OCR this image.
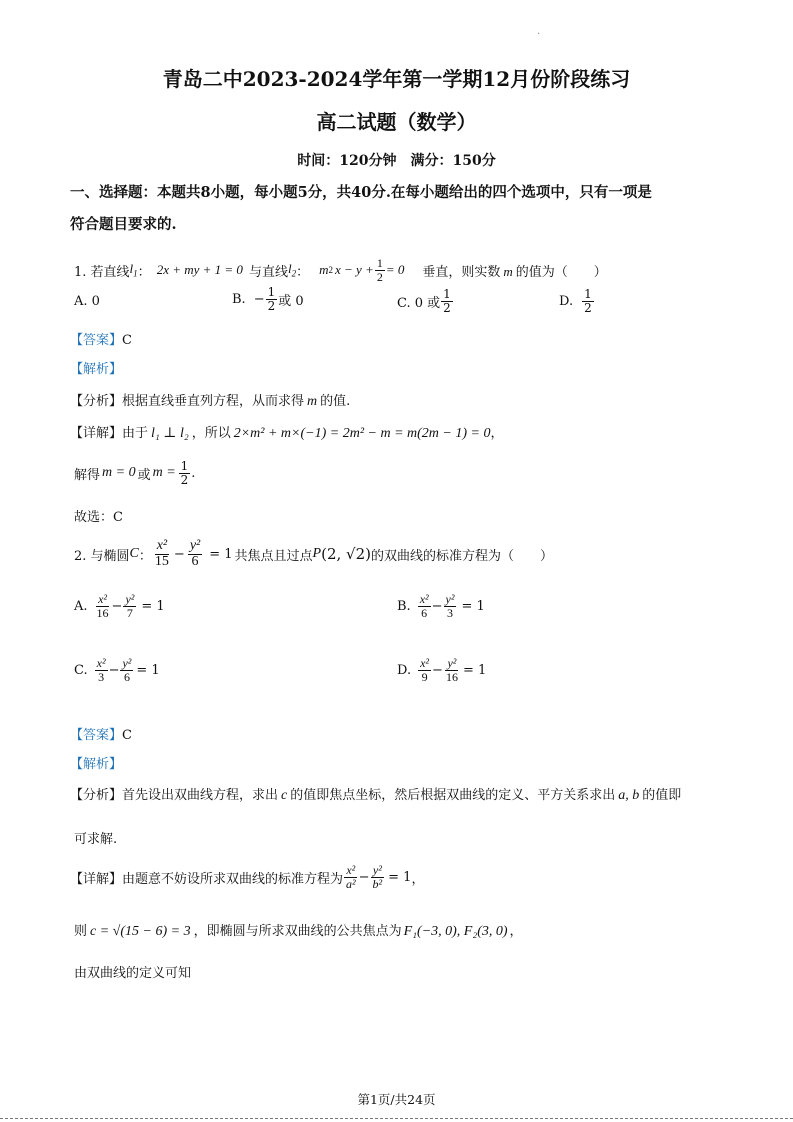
.
青岛二中2023-2024学年第一学期12月份阶段练习
高二试题（数学）
时间：120分钟　满分：150分
一、选择题：本题共8小题，每小题5分，共40分.在每小题给出的四个选项中，只有一项是
符合题目要求的.
1. 若直线 $l_1$ ： 2x + my + 1 = 0 与直线 $l_2$ ： m 2 $x - y + \frac{1}{2} = 0$ 垂直，则实数 m 的值为（　　）
A. 0	B. − $\frac{1}{2}$ 或 0	C. 0 或 $\frac{1}{2}$	D. $\frac{1}{2}$
【答案】C
【解析】
【分析】根据直线垂直列方程，从而求得 m 的值.
【详解】由于 l₁ ⊥ l₂ ，所以 2×m² + m×(−1) = 2m² − m = m(2m − 1) = 0，
解得 m = 0 或 $m = \frac{1}{2}$ .
故选：C
2. 与椭圆 C ： $\frac{\text{x²}}{15} - \frac{\text{y²}}{6} = 1$ 共焦点且过点 P (2, √2) 的双曲线的标准方程为（　　）
A. $\frac{\text{x²}}{16} - \frac{\text{y²}}{7} = 1$	B. $\frac{\text{x²}}{6} - \frac{\text{y²}}{3} = 1$
C. $\frac{\text{x²}}{3} - \frac{\text{y²}}{6} = 1$	D. $\frac{\text{x²}}{9} - \frac{\text{y²}}{16} = 1$
【答案】C
【解析】
【分析】首先设出双曲线方程，求出 c 的值即焦点坐标，然后根据双曲线的定义、平方关系求出 a, b 的值即
可求解.
【详解】 由题意不妨设所求双曲线的标准方程为 $\frac{\text{x²}}{\text{a²}} - \frac{\text{y²}}{\text{b²}} = 1$ ，
则 c = √(15 − 6) = 3 ，即椭圆与所求双曲线的公共焦点为 F₁(−3, 0), F₂(3, 0) ，
由双曲线的定义可知
第1页/共24页
